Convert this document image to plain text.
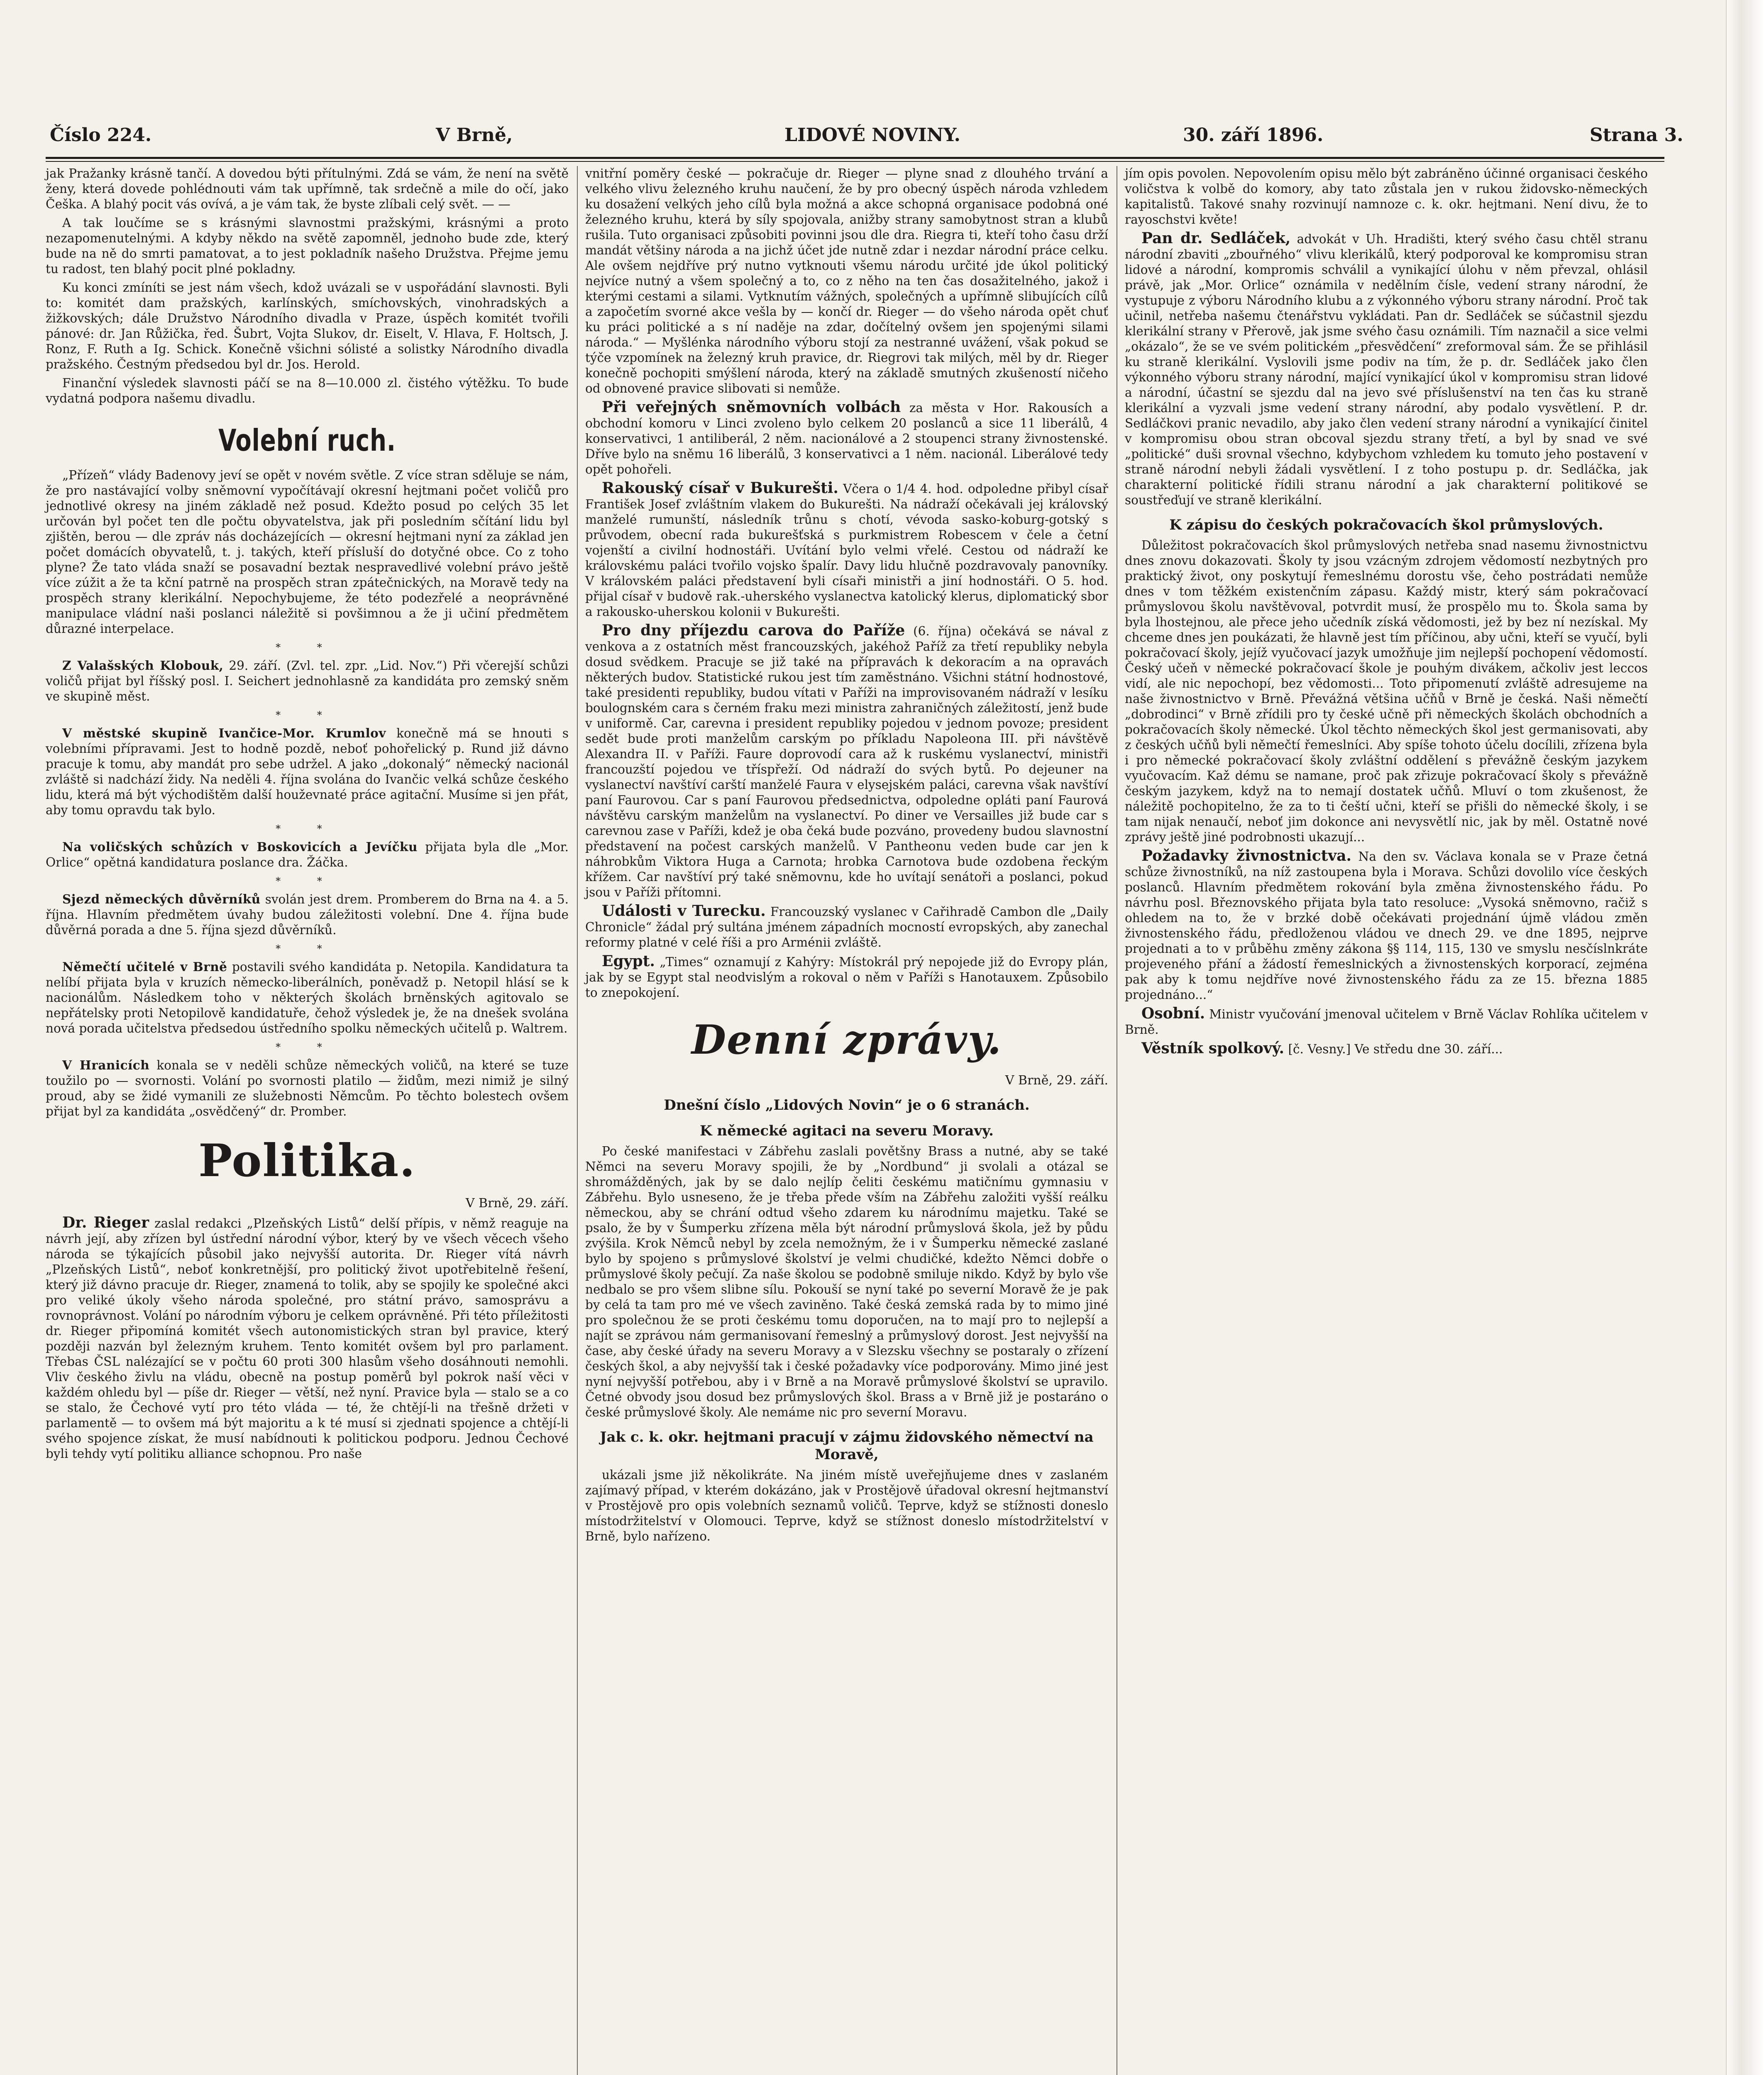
Číslo 224.	V Brně,	LIDOVÉ NOVINY.	30. září 1896.	Strana 3.

jak Pražanky krásně tančí. A dovedou býti přítulnými. Zdá se vám, že není na světě ženy, která dovede pohlédnouti vám tak upřímně, tak srdečně a mile do očí, jako Češka. A blahý pocit vás ovívá, a je vám tak, že byste zlíbali celý svět. — —

A tak loučíme se s krásnými slavnostmi pražskými, krásnými a proto nezapomenutelnými. A kdyby někdo na světě zapomněl, jednoho bude zde, který bude na ně do smrti pamatovat, a to jest pokladník našeho Družstva. Přejme jemu tu radost, ten blahý pocit plné pokladny.

Ku konci zmíníti se jest nám všech, kdož uvázali se v uspořádání slavnosti. Byli to: komitét dam pražských, karlínských, smíchovských, vinohradských a žižkovských; dále Družstvo Národního divadla v Praze, úspěch komitét tvořili pánové: dr. Jan Růžička, řed. Šubrt, Vojta Slukov, dr. Eiselt, V. Hlava, F. Holtsch, J. Ronz, F. Ruth a Ig. Schick. Konečně všichni sólisté a solistky Národního divadla pražského. Čestným předsedou byl dr. Jos. Herold.

Finanční výsledek slavnosti páčí se na 8—10.000 zl. čistého výtěžku. To bude vydatná podpora našemu divadlu.

Volební ruch.

„Přízeň“ vlády Badenovy jeví se opět v novém světle. Z více stran sděluje se nám, že pro nastávající volby sněmovní vypočítávají okresní hejtmani počet voličů pro jednotlivé okresy na jiném základě než posud. Kdežto posud po celých 35 let určován byl počet ten dle počtu obyvatelstva, jak při posledním sčítání lidu byl zjištěn, berou — dle zpráv nás docházejících — okresní hejtmani nyní za základ jen počet domácích obyvatelů, t. j. takých, kteří přísluší do dotyčné obce. Co z toho plyne? Že tato vláda snaží se posavadní beztak nespravedlivé volební právo ještě více zúžit a že ta kční patrně na prospěch stran zpátečnických, na Moravě tedy na prospěch strany klerikální. Nepochybujeme, že této podezřelé a neoprávněné manipulace vládní naši poslanci náležitě si povšimnou a že ji učiní předmětem důrazné interpelace.

* *

Z Valašských Klobouk, 29. září. (Zvl. tel. zpr. „Lid. Nov.“) Při včerejší schůzi voličů přijat byl říšský posl. I. Seichert jednohlasně za kandidáta pro zemský sněm ve skupině měst.

* *

V městské skupině Ivančice-Mor. Krumlov konečně má se hnouti s volebními přípravami. Jest to hodně pozdě, neboť pohořelický p. Rund již dávno pracuje k tomu, aby mandát pro sebe udržel. A jako „dokonalý“ německý nacionál zvláště si nadchází židy. Na neděli 4. října svolána do Ivančic velká schůze českého lidu, která má být východištěm další houževnaté práce agitační. Musíme si jen přát, aby tomu opravdu tak bylo.

* *

Na voličských schůzích v Boskovicích a Jevíčku přijata byla dle „Mor. Orlice“ opětná kandidatura poslance dra. Žáčka.

* *

Sjezd německých důvěrníků svolán jest drem. Promberem do Brna na 4. a 5. října. Hlavním předmětem úvahy budou záležitosti volební. Dne 4. října bude důvěrná porada a dne 5. října sjezd důvěrníků.

* *

Němečtí učitelé v Brně postavili svého kandidáta p. Netopila. Kandidatura ta nelíbí přijata byla v kruzích německo-liberálních, poněvadž p. Netopil hlásí se k nacionálům. Následkem toho v některých školách brněnských agitovalo se nepřátelsky proti Netopilově kandidatuře, čehož výsledek je, že na dnešek svolána nová porada učitelstva předsedou ústředního spolku německých učitelů p. Waltrem.

* *

V Hranicích konala se v neděli schůze německých voličů, na které se tuze toužilo po — svornosti. Volání po svornosti platilo — židům, mezi nimiž je silný proud, aby se židé vymanili ze služebnosti Němcům. Po těchto bolestech ovšem přijat byl za kandidáta „osvědčený“ dr. Promber.

Politika.
V Brně, 29. září.

Dr. Rieger zaslal redakci „Plzeňských Listů“ delší přípis, v němž reaguje na návrh její, aby zřízen byl ústřední národní výbor, který by ve všech věcech všeho národa se týkajících působil jako nejvyšší autorita. Dr. Rieger vítá návrh „Plzeňských Listů“, neboť konkretnější, pro politický život upotřebitelně řešení, který již dávno pracuje dr. Rieger, znamená to tolik, aby se spojily ke společné akci pro veliké úkoly všeho národa společné, pro státní právo, samosprávu a rovnoprávnost. Volání po národním výboru je celkem oprávněné. Při této příležitosti dr. Rieger připomíná komitét všech autonomistických stran byl pravice, který později nazván byl železným kruhem. Tento komitét ovšem byl pro parlament. Třebas ČSL nalézající se v počtu 60 proti 300 hlasům všeho dosáhnouti nemohli. Vliv českého živlu na vládu, obecně na postup poměrů byl pokrok naší věci v každém ohledu byl — píše dr. Rieger — větší, než nyní. Pravice byla — stalo se a co se stalo, že Čechové vytí pro této vláda — té, že chtějí-li na třešně držeti v parlamentě — to ovšem má být majoritu a k té musí si zjednati spojence a chtějí-li svého spojence získat, že musí nabídnouti k politickou podporu. Jednou Čechové byli tehdy vytí politiku alliance schopnou. Pro naše

vnitřní poměry české — pokračuje dr. Rieger — plyne snad z dlouhého trvání a velkého vlivu železného kruhu naučení, že by pro obecný úspěch národa vzhledem ku dosažení velkých jeho cílů byla možná a akce schopná organisace podobná oné železného kruhu, která by síly spojovala, anižby strany samobytnost stran a klubů rušila. Tuto organisaci způsobiti povinni jsou dle dra. Riegra ti, kteří toho času drží mandát většiny národa a na jichž účet jde nutně zdar i nezdar národní práce celku. Ale ovšem nejdříve prý nutno vytknouti všemu národu určité jde úkol politický nejvíce nutný a všem společný a to, co z něho na ten čas dosažitelného, jakož i kterými cestami a silami. Vytknutím vážných, společných a upřímně slibujících cílů a započetím svorné akce vešla by — končí dr. Rieger — do všeho národa opět chuť ku práci politické a s ní naděje na zdar, dočítelný ovšem jen spojenými silami národa.“ — Myšlénka národního výboru stojí za nestranné uvážení, však pokud se týče vzpomínek na železný kruh pravice, dr. Riegrovi tak milých, měl by dr. Rieger konečně pochopiti smýšlení národa, který na základě smutných zkušeností ničeho od obnovené pravice slibovati si nemůže.

Při veřejných sněmovních volbách za města v Hor. Rakousích a obchodní komoru v Linci zvoleno bylo celkem 20 poslanců a sice 11 liberálů, 4 konservativci, 1 antiliberál, 2 něm. nacionálové a 2 stoupenci strany živnostenské. Dříve bylo na sněmu 16 liberálů, 3 konservativci a 1 něm. nacionál. Liberálové tedy opět pohořeli.

Rakouský císař v Bukurešti. Včera o 1/4 4. hod. odpoledne přibyl císař František Josef zvláštním vlakem do Bukurešti. Na nádraží očekávali jej královský manželé rumunští, následník trůnu s chotí, vévoda sasko-koburg-gotský s průvodem, obecní rada bukurešťská s purkmistrem Robescem v čele a četní vojenští a civilní hodnostáři. Uvítání bylo velmi vřelé. Cestou od nádraží ke královskému paláci tvořilo vojsko špalír. Davy lidu hlučně pozdravovaly panovníky. V královském paláci představení byli císaři ministři a jiní hodnostáři. O 5. hod. přijal císař v budově rak.-uherského vyslanectva katolický klerus, diplomatický sbor a rakousko-uherskou kolonii v Bukurešti.

Pro dny příjezdu carova do Paříže (6. října) očekává se nával z venkova a z ostatních měst francouzských, jakéhož Paříž za třetí republiky nebyla dosud svědkem. Pracuje se již také na přípravách k dekoracím a na opravách některých budov. Statistické rukou jest tím zaměstnáno. Všichni státní hodnostové, také presidenti republiky, budou vítati v Paříži na improvisovaném nádraží v lesíku boulognském cara s černém fraku mezi ministra zahraničných záležitostí, jenž bude v uniformě. Car, carevna i president republiky pojedou v jednom povoze; president sedět bude proti manželům carským po příkladu Napoleona III. při návštěvě Alexandra II. v Paříži. Faure doprovodí cara až k ruskému vyslanectví, ministři francouzští pojedou ve tříspřeží. Od nádraží do svých bytů. Po dejeuner na vyslanectví navštíví carští manželé Faura v elysejském paláci, carevna však navštíví paní Faurovou. Car s paní Faurovou předsednictva, odpoledne opláti paní Faurová návštěvu carským manželům na vyslanectví. Po diner ve Versailles již bude car s carevnou zase v Paříži, kdež je oba čeká bude pozváno, provedeny budou slavnostní představení na počest carských manželů. V Pantheonu veden bude car jen k náhrobkům Viktora Huga a Carnota; hrobka Carnotova bude ozdobena řeckým křížem. Car navštíví prý také sněmovnu, kde ho uvítají senátoři a poslanci, pokud jsou v Paříži přítomni.

Události v Turecku. Francouzský vyslanec v Cařihradě Cambon dle „Daily Chronicle“ žádal prý sultána jménem západních mocností evropských, aby zanechal reformy platné v celé říši a pro Arménii zvláště.

Egypt. „Times“ oznamují z Kahýry: Místokrál prý nepojede již do Evropy plán, jak by se Egypt stal neodvislým a rokoval o něm v Paříži s Hanotauxem. Způsobilo to znepokojení.

Denní zprávy.
V Brně, 29. září.
Dnešní číslo „Lidových Novin“ je o 6 stranách.
K německé agitaci na severu Moravy.

Po české manifestaci v Zábřehu zaslali povětšny Brass a nutné, aby se také Němci na severu Moravy spojili, že by „Nordbund“ ji svolali a otázal se shromážděných, jak by se dalo nejlíp čeliti českému matičnímu gymnasiu v Zábřehu. Bylo usneseno, že je třeba přede vším na Zábřehu založiti vyšší reálku německou, aby se chrání odtud všeho zdarem ku národnímu majetku. Také se psalo, že by v Šumperku zřízena měla být národní průmyslová škola, jež by půdu zvýšila. Krok Němců nebyl by zcela nemožným, že i v Šumperku německé zaslané bylo by spojeno s průmyslové školství je velmi chudičké, kdežto Němci dobře o průmyslové školy pečují. Za naše školou se podobně smiluje nikdo. Když by bylo vše nedbalo se pro všem slibne sílu. Pokouší se nyní také po severní Moravě že je pak by celá ta tam pro mé ve všech zaviněno. Také česká zemská rada by to mimo jiné pro společnou že se proti českému tomu doporučen, na to mají pro to nejlepší a najít se zprávou nám germanisovaní řemeslný a průmyslový dorost. Jest nejvyšší na čase, aby české úřady na severu Moravy a v Slezsku všechny se postaraly o zřízení českých škol, a aby nejvyšší tak i české požadavky více podporovány. Mimo jiné jest nyní nejvyšší potřebou, aby i v Brně a na Moravě průmyslové školství se upravilo. Četné obvody jsou dosud bez průmyslových škol. Brass a v Brně již je postaráno o české průmyslové školy. Ale nemáme nic pro severní Moravu.

Jak c. k. okr. hejtmani pracují v zájmu židovského němectví na Moravě,

ukázali jsme již několikráte. Na jiném místě uveřejňujeme dnes v zaslaném zajímavý případ, v kterém dokázáno, jak v Prostějově úřadoval okresní hejtmanství v Prostějově pro opis volebních seznamů voličů. Teprve, když se stížnosti doneslo místodržitelství v Olomouci. Teprve, když se stížnost doneslo místodržitelství v Brně, bylo nařízeno.

jím opis povolen. Nepovolením opisu mělo být zabráněno účinné organisaci českého voličstva k volbě do komory, aby tato zůstala jen v rukou židovsko-německých kapitalistů. Takové snahy rozvinují namnoze c. k. okr. hejtmani. Není divu, že to rayoschstvi květe!

Pan dr. Sedláček, advokát v Uh. Hradišti, který svého času chtěl stranu národní zbaviti „zbouřného“ vlivu klerikálů, který podporoval ke kompromisu stran lidové a národní, kompromis schválil a vynikající úlohu v něm převzal, ohlásil právě, jak „Mor. Orlice“ oznámila v nedělním čísle, vedení strany národní, že vystupuje z výboru Národního klubu a z výkonného výboru strany národní. Proč tak učinil, netřeba našemu čtenářstvu vykládati. Pan dr. Sedláček se súčastnil sjezdu klerikální strany v Přerově, jak jsme svého času oznámili. Tím naznačil a sice velmi „okázalo“, že se ve svém politickém „přesvědčení“ zreformoval sám. Že se přihlásil ku straně klerikální. Vyslovili jsme podiv na tím, že p. dr. Sedláček jako člen výkonného výboru strany národní, mající vynikající úkol v kompromisu stran lidové a národní, účastní se sjezdu dal na jevo své příslušenství na ten čas ku straně klerikální a vyzvali jsme vedení strany národní, aby podalo vysvětlení. P. dr. Sedláčkovi pranic nevadilo, aby jako člen vedení strany národní a vynikající činitel v kompromisu obou stran obcoval sjezdu strany třetí, a byl by snad ve své „politické“ duši srovnal všechno, kdybychom vzhledem ku tomuto jeho postavení v straně národní nebyli žádali vysvětlení. I z toho postupu p. dr. Sedláčka, jak charakterní politické řídili stranu národní a jak charakterní politikové se soustřeďují ve straně klerikální.

K zápisu do českých pokračovacích škol průmyslových.

Důležitost pokračovacích škol průmyslových netřeba snad nasemu živnostnictvu dnes znovu dokazovati. Školy ty jsou vzácným zdrojem vědomostí nezbytných pro praktický život, ony poskytují řemeslnému dorostu vše, čeho postrádati nemůže dnes v tom těžkém existenčním zápasu. Každý mistr, který sám pokračovací průmyslovou školu navštěvoval, potvrdit musí, že prospělo mu to. Škola sama by byla lhostejnou, ale přece jeho učedník získá vědomosti, jež by bez ní nezískal. My chceme dnes jen poukázati, že hlavně jest tím příčinou, aby učni, kteří se vyučí, byli pokračovací školy, jejíž vyučovací jazyk umožňuje jim nejlepší pochopení vědomostí. Český učeň v německé pokračovací škole je pouhým divákem, ačkoliv jest leccos vidí, ale nic nepochopí, bez vědomosti... Toto připomenutí zvláště adresujeme na naše živnostnictvo v Brně. Převážná většina učňů v Brně je česká. Naši němečtí „dobrodinci“ v Brně zřídili pro ty české učně při německých školách obchodních a pokračovacích školy německé. Úkol těchto německých škol jest germanisovati, aby z českých učňů byli němečtí řemeslníci. Aby spíše tohoto účelu docílili, zřízena byla i pro německé pokračovací školy zvláštní oddělení s převážně českým jazykem vyučovacím. Kaž dému se namane, proč pak zřizuje pokračovací školy s převážně českým jazykem, když na to nemají dostatek učňů. Mluví o tom zkušenost, že náležitě pochopitelno, že za to ti čeští učni, kteří se přišli do německé školy, i se tam nijak nenaučí, neboť jim dokonce ani nevysvětlí nic, jak by měl. Ostatně nové zprávy ještě jiné podrobnosti ukazují...

Požadavky živnostnictva. Na den sv. Václava konala se v Praze četná schůze živnostníků, na níž zastoupena byla i Morava. Schůzi dovolilo více českých poslanců. Hlavním předmětem rokování byla změna živnostenského řádu. Po návrhu posl. Březnovského přijata byla tato resoluce: „Vysoká sněmovno, račiž s ohledem na to, že v brzké době očekávati projednání újmě vládou změn živnostenského řádu, předloženou vládou ve dnech 29. ve dne 1895, nejprve projednati a to v průběhu změny zákona §§ 114, 115, 130 ve smyslu nesčíslnkráte projeveného přání a žádostí řemeslnických a živnostenských korporací, zejména pak aby k tomu nejdříve nové živnostenského řádu za ze 15. března 1885 projednáno...“

Osobní. Ministr vyučování jmenoval učitelem v Brně Václav Rohlíka učitelem v Brně.

Věstník spolkový. [č. Vesny.] Ve středu dne 30. září...
